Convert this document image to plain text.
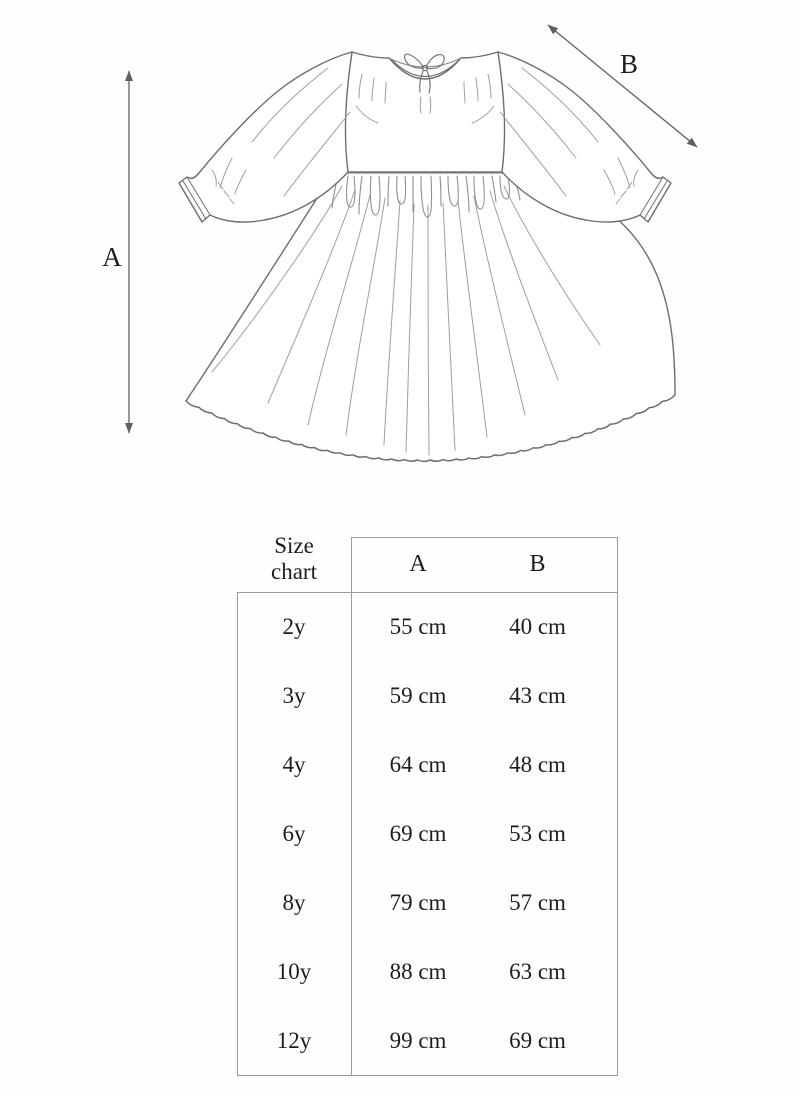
A
B
Size chart	A	B
2y	55 cm	40 cm
3y	59 cm	43 cm
4y	64 cm	48 cm
6y	69 cm	53 cm
8y	79 cm	57 cm
10y	88 cm	63 cm
12y	99 cm	69 cm
